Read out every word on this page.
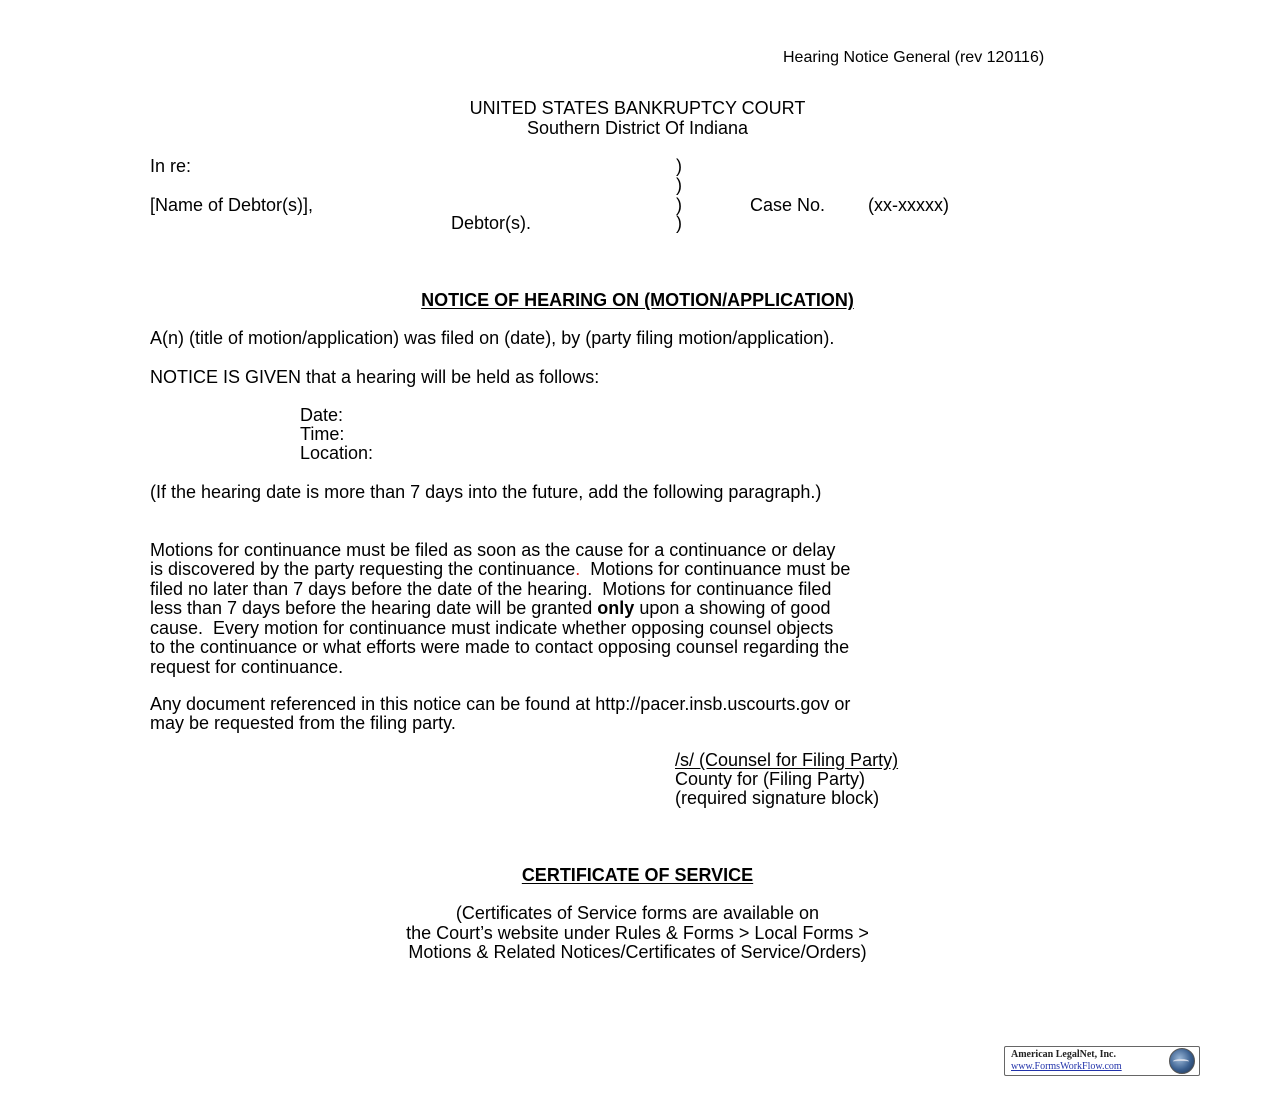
Hearing Notice General (rev 120116)
UNITED STATES BANKRUPTCY COURT
Southern District Of Indiana
In re:
[Name of Debtor(s)],
Debtor(s).
)
)
)
)
Case No. (xx-xxxxx)
NOTICE OF HEARING ON (MOTION/APPLICATION)
A(n) (title of motion/application) was filed on (date), by (party filing motion/application).
NOTICE IS GIVEN that a hearing will be held as follows:
Date:
Time:
Location:
(If the hearing date is more than 7 days into the future, add the following paragraph.)

Motions for continuance must be filed as soon as the cause for a continuance or delay
is discovered by the party requesting the continuance.  Motions for continuance must be
filed no later than 7 days before the date of the hearing.  Motions for continuance filed
less than 7 days before the hearing date will be granted only upon a showing of good
cause.  Every motion for continuance must indicate whether opposing counsel objects
to the continuance or what efforts were made to contact opposing counsel regarding the
request for continuance.

Any document referenced in this notice can be found at http://pacer.insb.uscourts.gov or
may be requested from the filing party.

/s/ (Counsel for Filing Party)
County for (Filing Party)
(required signature block)
CERTIFICATE OF SERVICE
(Certificates of Service forms are available on
the Court’s website under Rules & Forms > Local Forms >
Motions & Related Notices/Certificates of Service/Orders)
American LegalNet, Inc.
www.FormsWorkFlow.com
